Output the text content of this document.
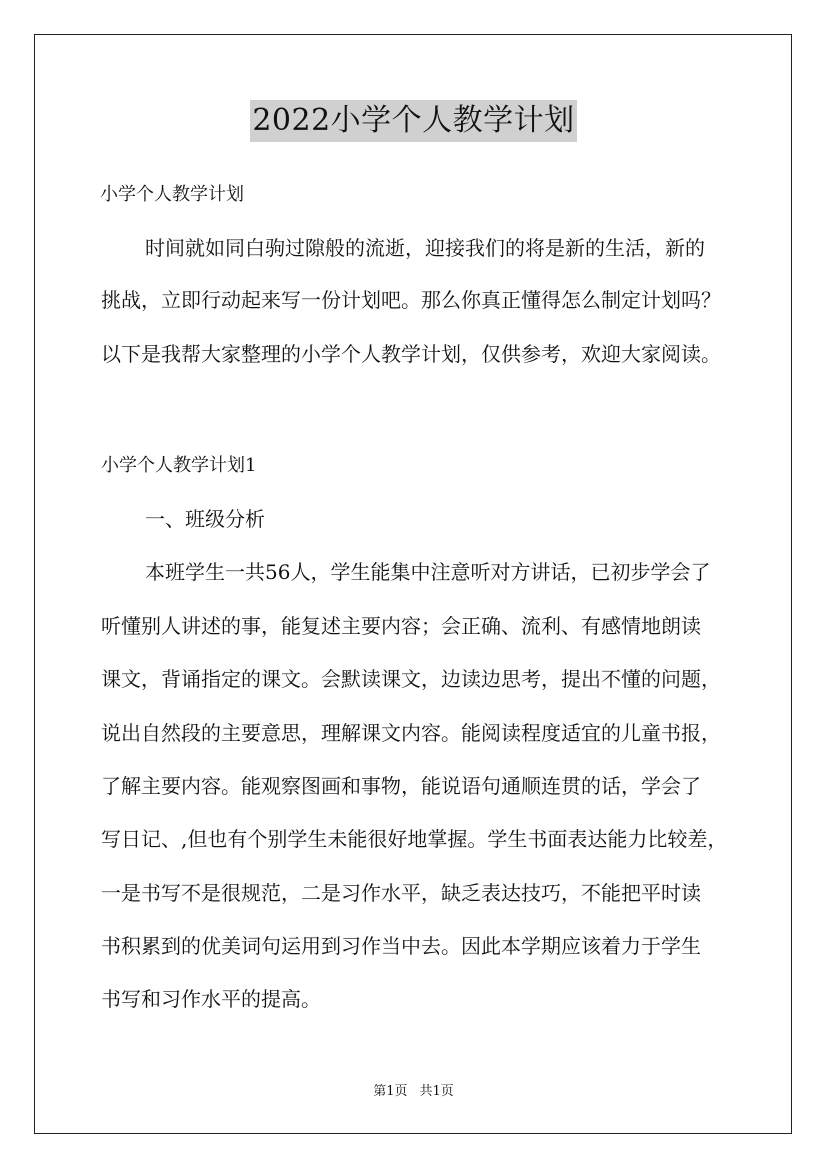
2022小学个人教学计划
小学个人教学计划
时间就如同白驹过隙般的流逝，迎接我们的将是新的生活，新的
挑战，立即行动起来写一份计划吧。那么你真正懂得怎么制定计划吗？
以下是我帮大家整理的小学个人教学计划，仅供参考，欢迎大家阅读。
小学个人教学计划1
一、班级分析
本班学生一共56人，学生能集中注意听对方讲话，已初步学会了
听懂别人讲述的事，能复述主要内容；会正确、流利、有感情地朗读
课文，背诵指定的课文。会默读课文，边读边思考，提出不懂的问题，
说出自然段的主要意思，理解课文内容。能阅读程度适宜的儿童书报，
了解主要内容。能观察图画和事物，能说语句通顺连贯的话，学会了
写日记、,但也有个别学生未能很好地掌握。学生书面表达能力比较差，
一是书写不是很规范，二是习作水平，缺乏表达技巧，不能把平时读
书积累到的优美词句运用到习作当中去。因此本学期应该着力于学生
书写和习作水平的提高。
第1页 共1页
